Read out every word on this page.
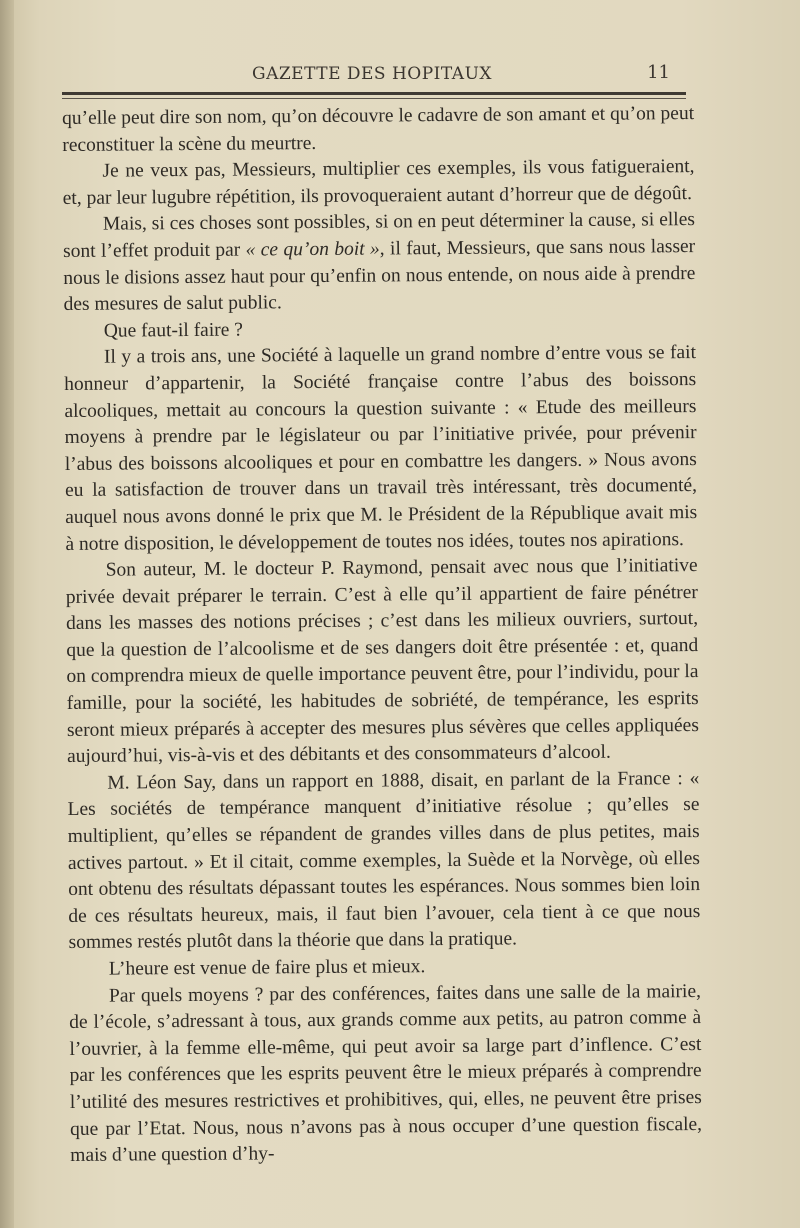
GAZETTE DES HOPITAUX	11

qu’elle peut dire son nom, qu’on découvre le cadavre de son amant et qu’on peut reconstituer la scène du meurtre.

Je ne veux pas, Messieurs, multiplier ces exemples, ils vous fatigueraient, et, par leur lugubre répétition, ils provoqueraient autant d’horreur que de dégoût.

Mais, si ces choses sont possibles, si on en peut déterminer la cause, si elles sont l’effet produit par « ce qu’on boit », il faut, Messieurs, que sans nous lasser nous le disions assez haut pour qu’enfin on nous entende, on nous aide à prendre des mesures de salut public.

Que faut-il faire ?

Il y a trois ans, une Société à laquelle un grand nombre d’entre vous se fait honneur d’appartenir, la Société française contre l’abus des boissons alcooliques, mettait au concours la question suivante : « Etude des meilleurs moyens à prendre par le législateur ou par l’initiative privée, pour prévenir l’abus des boissons alcooliques et pour en combattre les dangers. » Nous avons eu la satisfaction de trouver dans un travail très intéressant, très documenté, auquel nous avons donné le prix que M. le Président de la République avait mis à notre disposition, le développement de toutes nos idées, toutes nos apirations.

Son auteur, M. le docteur P. Raymond, pensait avec nous que l’initiative privée devait préparer le terrain. C’est à elle qu’il appartient de faire pénétrer dans les masses des notions précises ; c’est dans les milieux ouvriers, surtout, que la question de l’alcoolisme et de ses dangers doit être présentée : et, quand on comprendra mieux de quelle importance peuvent être, pour l’individu, pour la famille, pour la société, les habitudes de sobriété, de tempérance, les esprits seront mieux préparés à accepter des mesures plus sévères que celles appliquées aujourd’hui, vis-à-vis et des débitants et des consommateurs d’alcool.

M. Léon Say, dans un rapport en 1888, disait, en parlant de la France : « Les sociétés de tempérance manquent d’initiative résolue ; qu’elles se multiplient, qu’elles se répandent de grandes villes dans de plus petites, mais actives partout. » Et il citait, comme exemples, la Suède et la Norvège, où elles ont obtenu des résultats dépassant toutes les espérances. Nous sommes bien loin de ces résultats heureux, mais, il faut bien l’avouer, cela tient à ce que nous sommes restés plutôt dans la théorie que dans la pratique.

L’heure est venue de faire plus et mieux.

Par quels moyens ? par des conférences, faites dans une salle de la mairie, de l’école, s’adressant à tous, aux grands comme aux petits, au patron comme à l’ouvrier, à la femme elle-même, qui peut avoir sa large part d’inflence. C’est par les conférences que les esprits peuvent être le mieux préparés à comprendre l’utilité des mesures restrictives et prohibitives, qui, elles, ne peuvent être prises que par l’Etat. Nous, nous n’avons pas à nous occuper d’une question fiscale, mais d’une question d’hy-
